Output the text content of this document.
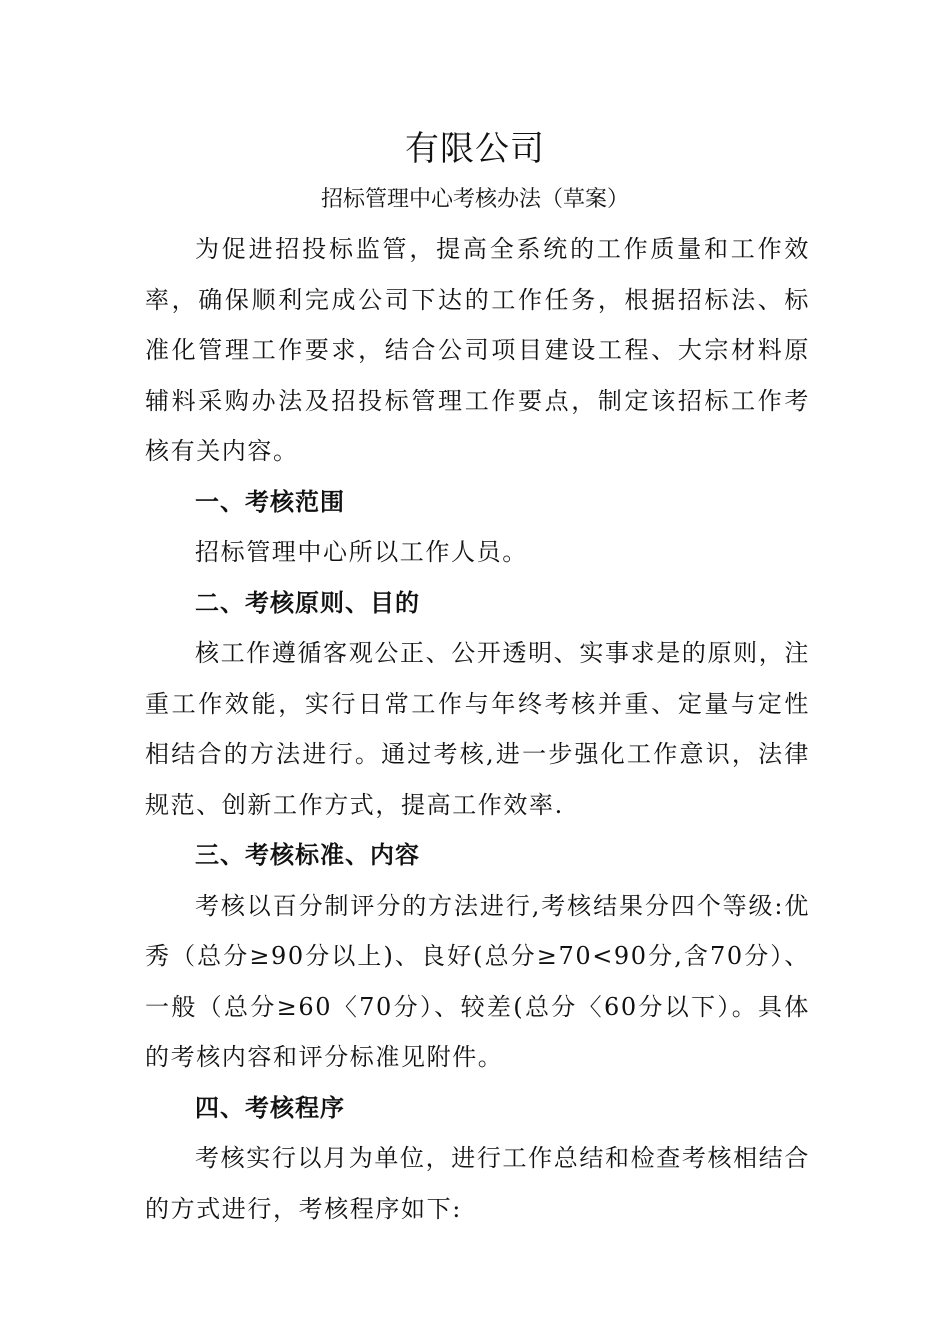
有限公司
招标管理中心考核办法（草案）

为促进招投标监管，提高全系统的工作质量和工作效率，确保顺利完成公司下达的工作任务，根据招标法、标准化管理工作要求，结合公司项目建设工程、大宗材料原辅料采购办法及招投标管理工作要点，制定该招标工作考核有关内容。

一、考核范围

招标管理中心所以工作人员。

二、考核原则、目的

核工作遵循客观公正、公开透明、实事求是的原则，注重工作效能，实行日常工作与年终考核并重、定量与定性相结合的方法进行。通过考核,进一步强化工作意识，法律规范、创新工作方式，提高工作效率.

三、考核标准、内容

考核以百分制评分的方法进行,考核结果分四个等级:优秀（总分≥90分以上)、良好(总分≥70<90分,含70分）、一般（总分≥60〈70分）、较差(总分〈60分以下）。具体的考核内容和评分标准见附件。

四、考核程序

考核实行以月为单位，进行工作总结和检查考核相结合的方式进行，考核程序如下:
